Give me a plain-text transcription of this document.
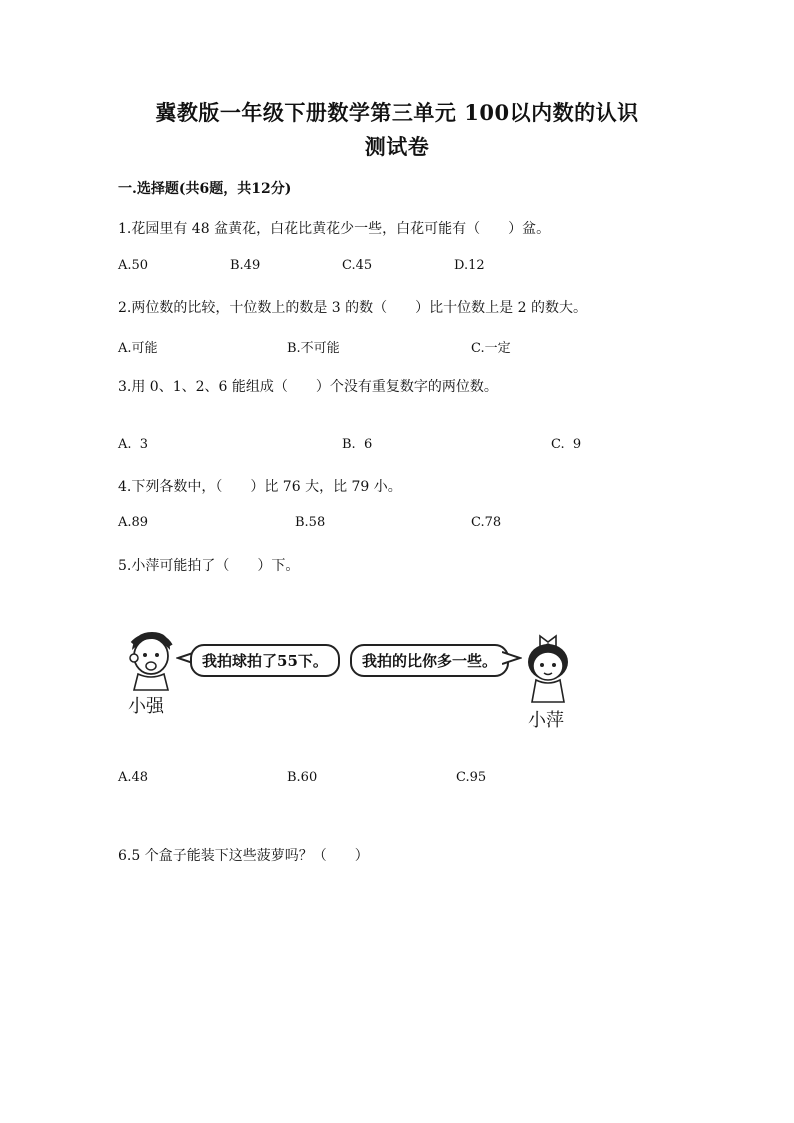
冀教版一年级下册数学第三单元 100以内数的认识
测试卷
一.选择题(共6题，共12分)
1.花园里有 48 盆黄花，白花比黄花少一些，白花可能有（　　）盆。
A.50	B.49	C.45	D.12
2.两位数的比较，十位数上的数是 3 的数（　　）比十位数上是 2 的数大。
A.可能	B.不可能	C.一定
3.用 0、1、2、6 能组成（　　）个没有重复数字的两位数。
A.  3	B.  6	C.  9
4.下列各数中，（　　）比 76 大，比 79 小。
A.89	B.58	C.78
5.小萍可能拍了（　　）下。
小强
我拍球拍了55下。	我拍的比你多一些。
小萍
A.48	B.60	C.95
6.5 个盒子能装下这些菠萝吗？（　　）
